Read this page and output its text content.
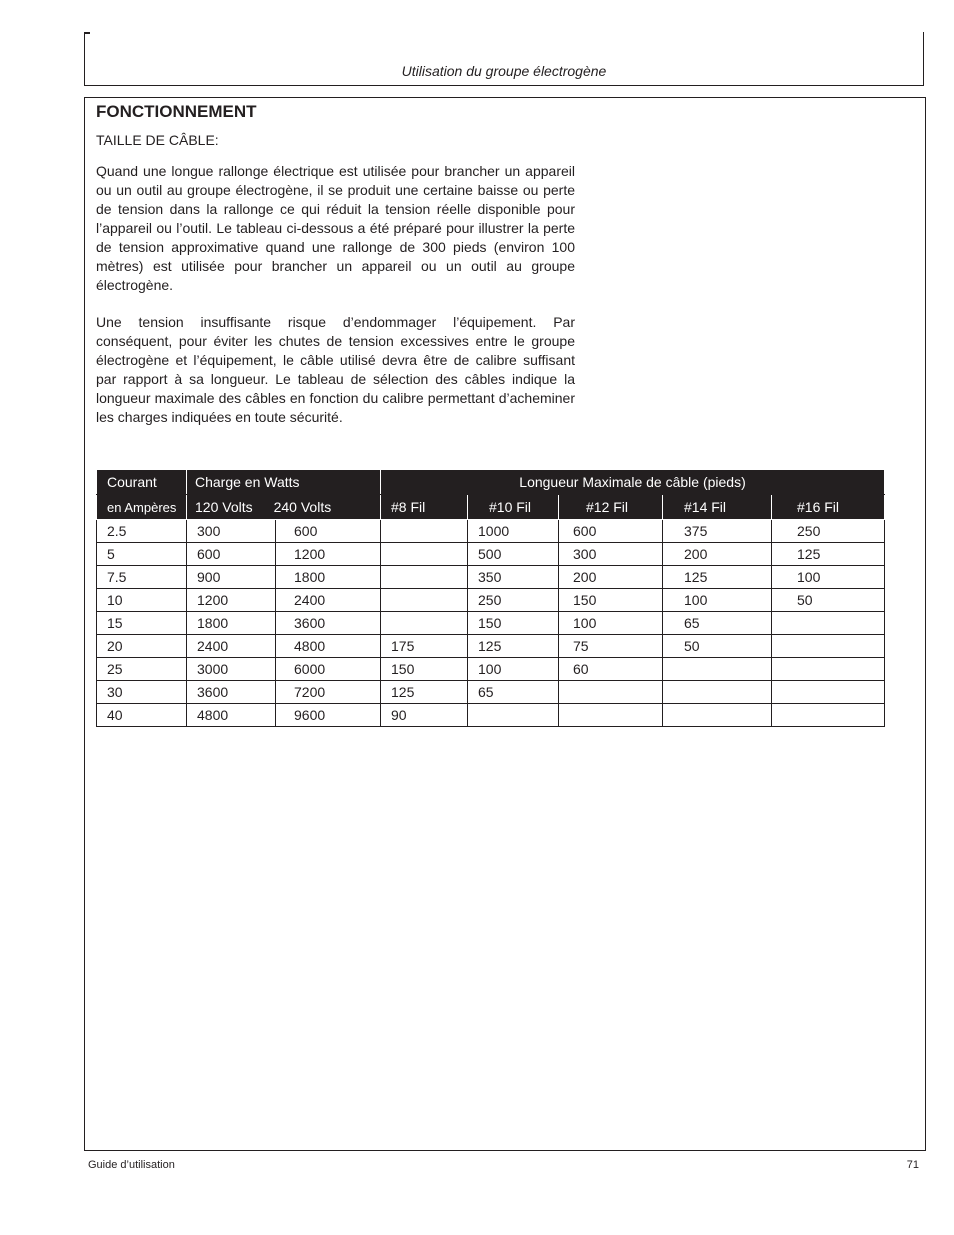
Utilisation du groupe électrogène
FONCTIONNEMENT
TAILLE DE CÂBLE:

Quand une longue rallonge électrique est utilisée pour brancher un appareil ou un outil au groupe électrogène, il se produit une certaine baisse ou perte de tension dans la rallonge ce qui réduit la tension réelle disponible pour l’appareil ou l’outil. Le tableau ci-dessous a été préparé pour illustrer la perte de tension approximative quand une rallonge de 300 pieds (environ 100 mètres) est utilisée pour brancher un appareil ou un outil au groupe électrogène.

Une tension insuffisante risque d’endommager l’équipement. Par conséquent, pour éviter les chutes de tension excessives entre le groupe électrogène et l’équipement, le câble utilisé devra être de calibre suffisant par rapport à sa longueur. Le tableau de sélection des câbles indique la longueur maximale des câbles en fonction du calibre permettant d’acheminer les charges indiquées en toute sécurité.

Courant	Charge en Watts		Longueur Maximale de câble (pieds)				
en Ampères	120 Volts 240 Volts		#8 Fil	#10 Fil	#12 Fil	#14 Fil	#16 Fil
2.5	300	600		1000	600	375	250
5	600	1200		500	300	200	125
7.5	900	1800		350	200	125	100
10	1200	2400		250	150	100	50
15	1800	3600		150	100	65	
20	2400	4800	175	125	75	50	
25	3000	6000	150	100	60		
30	3600	7200	125	65			
40	4800	9600	90				
Guide d’utilisation	71
